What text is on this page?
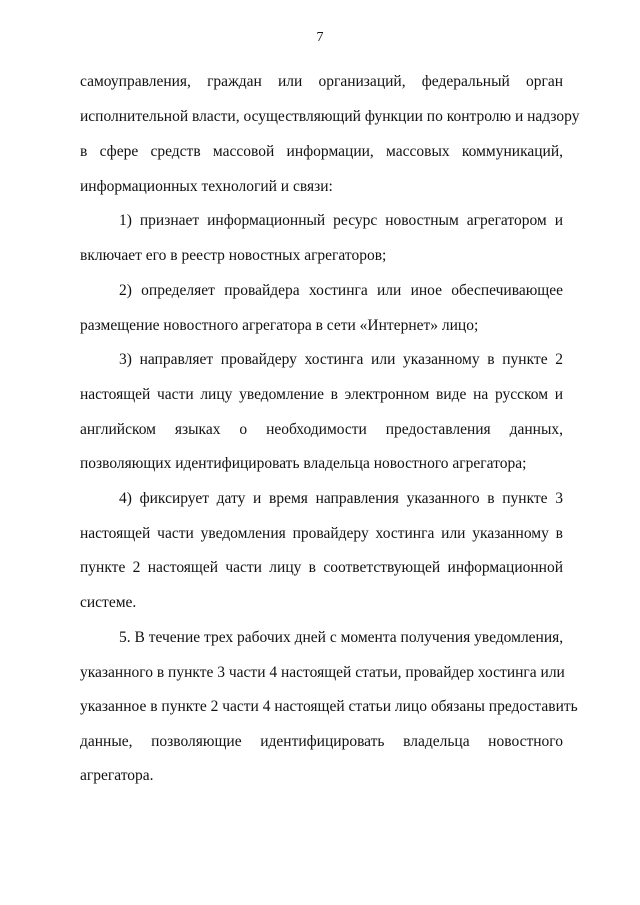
7
самоуправления, граждан или организаций, федеральный орган
исполнительной власти, осуществляющий функции по контролю и надзору
в сфере средств массовой информации, массовых коммуникаций,
информационных технологий и связи:
1) признает информационный ресурс новостным агрегатором и
включает его в реестр новостных агрегаторов;
2) определяет провайдера хостинга или иное обеспечивающее
размещение новостного агрегатора в сети «Интернет» лицо;
3) направляет провайдеру хостинга или указанному в пункте 2
настоящей части лицу уведомление в электронном виде на русском и
английском языках о необходимости предоставления данных,
позволяющих идентифицировать владельца новостного агрегатора;
4) фиксирует дату и время направления указанного в пункте 3
настоящей части уведомления провайдеру хостинга или указанному в
пункте 2 настоящей части лицу в соответствующей информационной
системе.
5. В течение трех рабочих дней с момента получения уведомления,
указанного в пункте 3 части 4 настоящей статьи, провайдер хостинга или
указанное в пункте 2 части 4 настоящей статьи лицо обязаны предоставить
данные, позволяющие идентифицировать владельца новостного
агрегатора.
